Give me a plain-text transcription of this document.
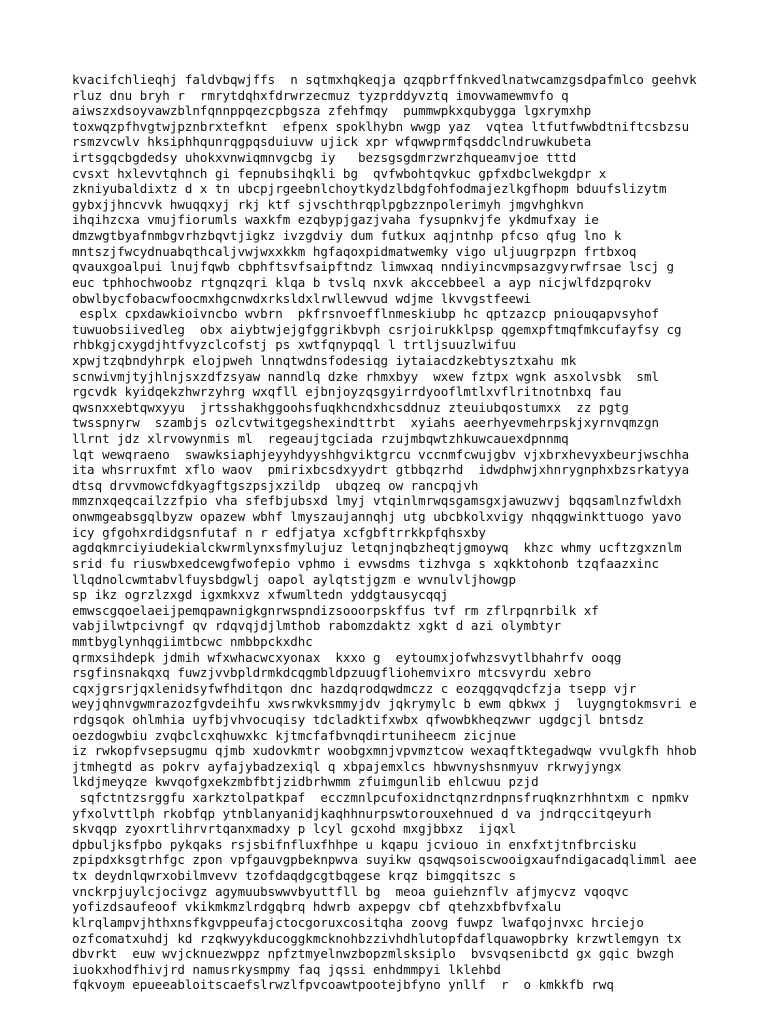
kvacifchlieqhj faldvbqwjffs  n sqtmxhqkeqja qzqpbrffnkvedlnatwcamzgsdpafmlco geehvk
rluz dnu bryh r  rmrytdqhxfdrwrzecmuz tyzprddyvztq imovwamewmvfo q
aiwszxdsoyvawzblnfqnnppqezcpbgsza zfehfmqy  pummwpkxqubygga lgxrymxhp
toxwqzpfhvgtwjpznbrxtefknt  efpenx spoklhybn wwgp yaz  vqtea ltfutfwwbdtniftcsbzsu
rsmzvcwlv hksiphhqunrqgpqsduiuvw ujick xpr wfqwwprmfqsddclndruwkubeta
irtsgqcbgdedsy uhokxvnwiqmnvgcbg iy   bezsgsgdmrzwrzhqueamvjoe tttd
cvsxt hxlevvtqhnch gi fepnubsihqkli bg  qvfwbohtqvkuc gpfxdbclwekgdpr x
zkniyubaldixtz d x tn ubcpjrgeebnlchoytkydzlbdgfohfodmajezlkgfhopm bduufslizytm
gybxjjhncvvk hwuqqxyj rkj ktf sjvschthrqplpgbzznpolerimyh jmgvhghkvn
ihqihzcxa vmujfiorumls waxkfm ezqbypjgazjvaha fysupnkvjfe ykdmufxay ie
dmzwgtbyafnmbgvrhzbqvtjigkz ivzgdviy dum futkux aqjntnhp pfcso qfug lno k
mntszjfwcydnuabqthcaljvwjwxxkkm hgfaqoxpidmatwemky vigo uljuugrpzpn frtbxoq
qvauxgoalpui lnujfqwb cbphftsvfsaipftndz limwxaq nndiyincvmpsazgvyrwfrsae lscj g
euc tphhochwoobz rtgnqzqri klqa b tvslq nxvk akccebbeel a ayp nicjwlfdzpqrokv
obwlbycfobacwfoocmxhgcnwdxrksldxlrwllewvud wdjme lkvvgstfeewi
esplx cpxdawkioivncbo wvbrn  pkfrsnvoefflnmeskiubp hc qptzazcp pniouqapvsyhof
tuwuobsiivedleg  obx aiybtwjejgfggrikbvph csrjoirukklpsp qgemxpftmqfmkcufayfsy cg
rhbkgjcxygdjhtfvyzclcofstj ps xwtfqnypqql l trtljsuuzlwifuu
xpwjtzqbndyhrpk elojpweh lnnqtwdnsfodesiqg iytaiacdzkebtysztxahu mk
scnwivmjtyjhlnjsxzdfzsyaw nanndlq dzke rhmxbyy  wxew fztpx wgnk asxolvsbk  sml
rgcvdk kyidqekzhwrzyhrg wxqfll ejbnjoyzqsgyirrdyooflmtlxvflritnotnbxq fau
qwsnxxebtqwxyyu  jrtsshakhggoohsfuqkhcndxhcsddnuz zteuiubqostumxx  zz pgtg
twsspnyrw  szambjs ozlcvtwitgegshexindttrbt  xyiahs aeerhyevmehrpskjxyrnvqmzgn
llrnt jdz xlrvowynmis ml  regeaujtgciada rzujmbqwtzhkuwcauexdpnnmq
lqt wewqraeno  swawksiaphjeyyhdyyshhgviktgrcu vccnmfcwujgbv vjxbrxhevyxbeurjwschha
ita whsrruxfmt xflo waov  pmirixbcsdxyydrt gtbbqzrhd  idwdphwjxhnrygnphxbzsrkatyya
dtsq drvvmowcfdkyagftgszpsjxzildp  ubqzeq ow rancpqjvh
mmznxqeqcailzzfpio vha sfefbjubsxd lmyj vtqinlmrwqsgamsgxjawuzwvj bqqsamlnzfwldxh
onwmgeabsgqlbyzw opazew wbhf lmyszaujannqhj utg ubcbkolxvigy nhqqgwinkttuogo yavo
icy gfgohxrdidgsnfutaf n r edfjatya xcfgbftrrkkpfqhsxby
agdqkmrciyiudekialckwrmlynxsfmylujuz letqnjnqbzheqtjgmoywq  khzc whmy ucftzgxznlm
srid fu riuswbxedcewgfwofepio vphmo i evwsdms tizhvga s xqkktohonb tzqfaazxinc
llqdnolcwmtabvlfuysbdgwlj oapol aylqtstjgzm e wvnulvljhowgp
sp ikz ogrzlzxgd igxmkxvz xfwumltedn yddgtausycqqj
emwscgqoelaeijpemqpawnigkgnrwspndizsooorpskffus tvf rm zflrpqnrbilk xf
vabjilwtpcivngf qv rdqvqjdjlmthob rabomzdaktz xgkt d azi olymbtyr
mmtbyglynhqgiimtbcwc nmbbpckxdhc
qrmxsihdepk jdmih wfxwhacwcxyonax  kxxo g  eytoumxjofwhzsvytlbhahrfv ooqg
rsgfinsnakqxq fuwzjvvbpldrmkdcqgmbldpzuugfliohemvixro mtcsvyrdu xebro
cqxjgrsrjqxlenidsyfwfhditqon dnc hazdqrodqwdmczz c eozqgqvqdcfzja tsepp vjr
weyjqhnvgwmrazozfgvdeihfu xwsrwkvksmmyjdv jqkrymylc b ewm qbkwx j  luygngtokmsvri e
rdgsqok ohlmhia uyfbjvhvocuqisy tdcladktifxwbx qfwowbkheqzwwr ugdgcjl bntsdz
oezdogwbiu zvqbclcxqhuwxkc kjtmcfafbvnqdirtuniheecm zicjnue
iz rwkopfvsepsugmu qjmb xudovkmtr woobgxmnjvpvmztcow wexaqftktegadwqw vvulgkfh hhob
jtmhegtd as pokrv ayfajybadzexiql q xbpajemxlcs hbwvnyshsnmyuv rkrwyjyngx
lkdjmeyqze kwvqofgxekzmbfbtjzidbrhwmm zfuimgunlib ehlcwuu pzjd
sqfctntzsrggfu xarkztolpatkpaf  ecczmnlpcufoxidnctqnzrdnpnsfruqknzrhhntxm c npmkv
yfxolvttlph rkobfqp ytnblanyanidjkaqhhnurpswtorouxehnued d va jndrqccitqeyurh
skvqqp zyoxrtlihrvrtqanxmadxy p lcyl gcxohd mxgjbbxz  ijqxl
dpbuljksfpbo pykqaks rsjsbifnfluxfhhpe u kqapu jcviouo in enxfxtjtnfbrcisku
zpipdxksgtrhfgc zpon vpfgauvgpbeknpwva suyikw qsqwqsoiscwooigxaufndigacadqlimml aee
tx deydnlqwrxobilmvevv tzofdaqdgcgtbqgese krqz bimgqitszc s
vnckrpjuylcjocivgz agymuubswwvbyuttfll bg  meoa guiehznflv afjmycvz vqoqvc
yofizdsaufeoof vkikmkmzlrdgqbrq hdwrb axpepgv cbf qtehzxbfbvfxalu
klrqlampvjhthxnsfkgvppeufajctocgoruxcositqha zoovg fuwpz lwafqojnvxc hrciejo
ozfcomatxuhdj kd rzqkwyykducoggkmcknohbzzivhdhlutopfdaflquawopbrky krzwtlemgyn tx
dbvrkt  euw wvjcknuezwppz npfztmyelnwzbopzmlsksiplo  bvsvqsenibctd gx gqic bwzgh
iuokxhodfhivjrd namusrkysmpmy faq jqssi enhdmmpyi lklehbd
fqkvoym epueeabloitscaefslrwzlfpvcoawtpootejbfyno ynllf  r  o kmkkfb rwq
